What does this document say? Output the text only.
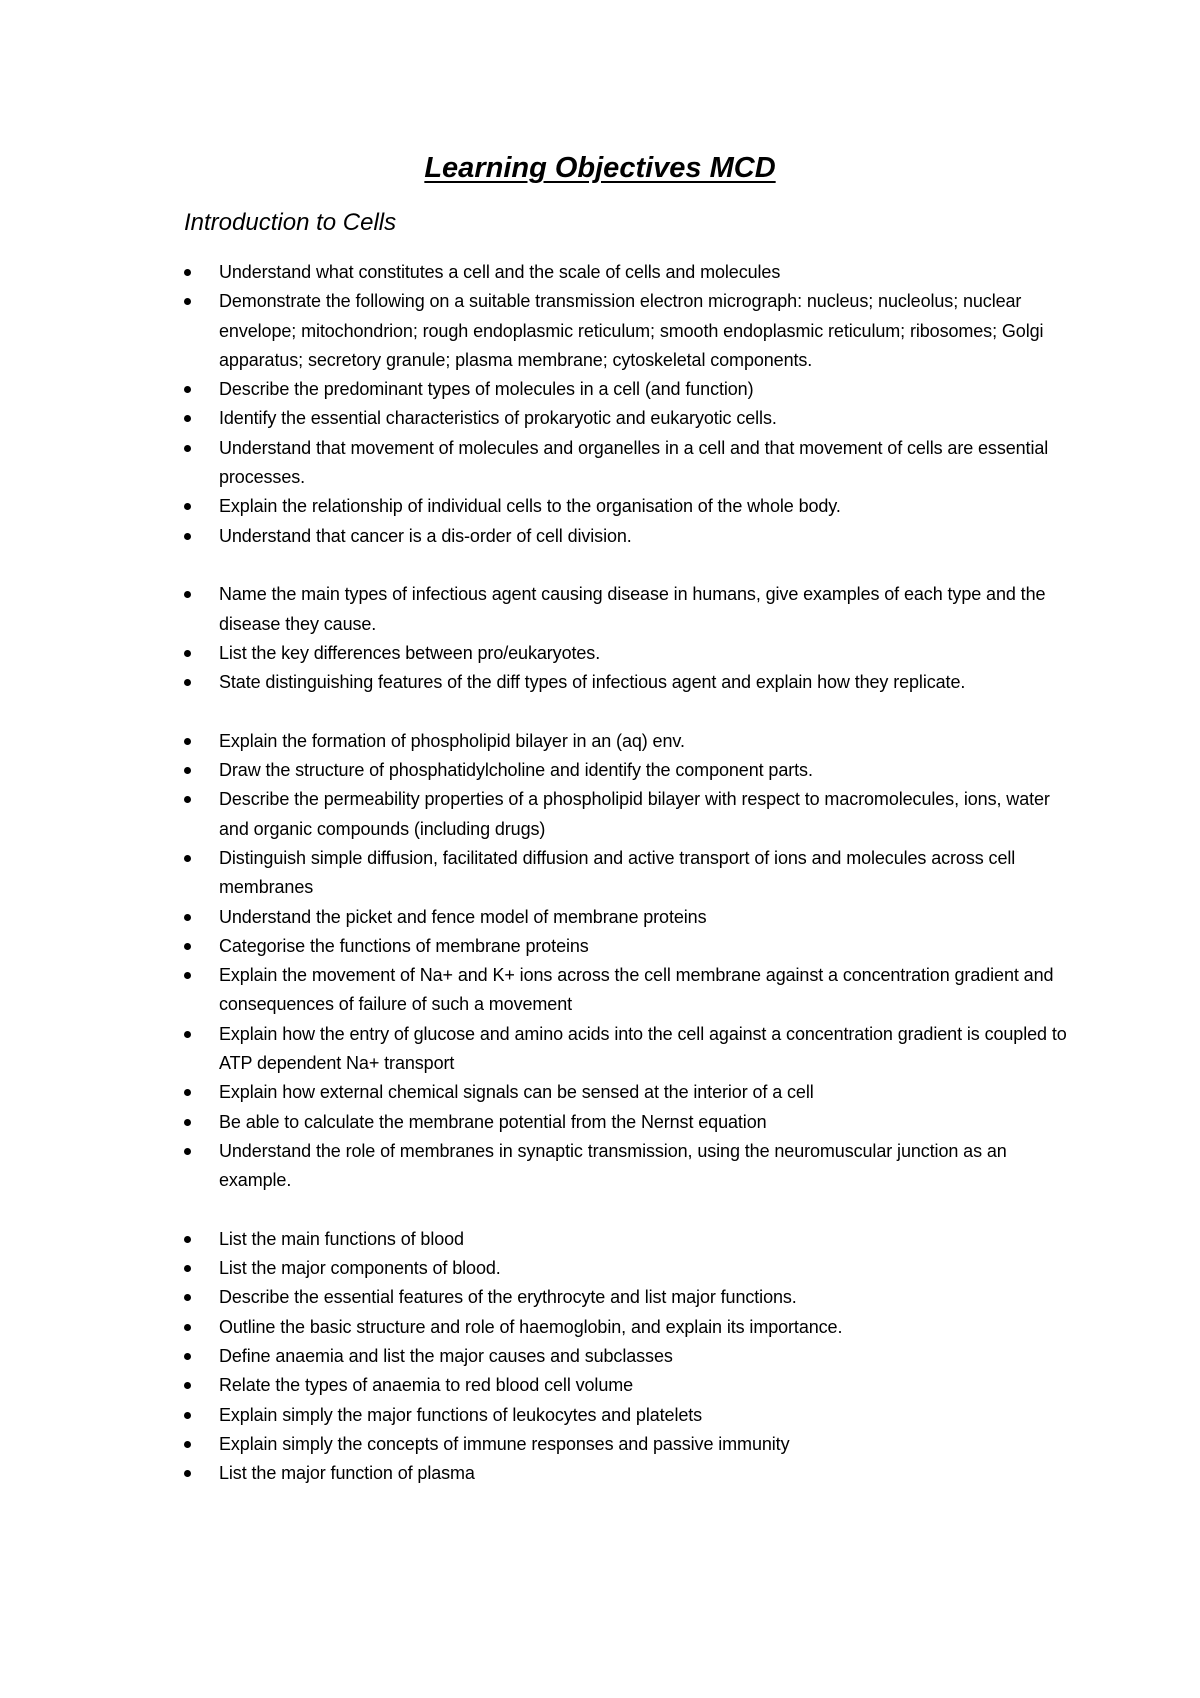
Learning Objectives MCD
Introduction to Cells
Understand what constitutes a cell and the scale of cells and molecules
Demonstrate the following on a suitable transmission electron micrograph: nucleus; nucleolus; nuclear envelope; mitochondrion; rough endoplasmic reticulum; smooth endoplasmic reticulum; ribosomes; Golgi apparatus; secretory granule; plasma membrane; cytoskeletal components.
Describe the predominant types of molecules in a cell (and function)
Identify the essential characteristics of prokaryotic and eukaryotic cells.
Understand that movement of molecules and organelles in a cell and that movement of cells are essential processes.
Explain the relationship of individual cells to the organisation of the whole body.
Understand that cancer is a dis-order of cell division.
Name the main types of infectious agent causing disease in humans, give examples of each type and the disease they cause.
List the key differences between pro/eukaryotes.
State distinguishing features of the diff types of infectious agent and explain how they replicate.
Explain the formation of phospholipid bilayer in an (aq) env.
Draw the structure of phosphatidylcholine and identify the component parts.
Describe the permeability properties of a phospholipid bilayer with respect to macromolecules, ions, water and organic compounds (including drugs)
Distinguish simple diffusion, facilitated diffusion and active transport of ions and molecules across cell membranes
Understand the picket and fence model of membrane proteins
Categorise the functions of membrane proteins
Explain the movement of Na+ and K+ ions across the cell membrane against a concentration gradient and consequences of failure of such a movement
Explain how the entry of glucose and amino acids into the cell against a concentration gradient is coupled to ATP dependent Na+ transport
Explain how external chemical signals can be sensed at the interior of a cell
Be able to calculate the membrane potential from the Nernst equation
Understand the role of membranes in synaptic transmission, using the neuromuscular junction as an example.
List the main functions of blood
List the major components of blood.
Describe the essential features of the erythrocyte and list major functions.
Outline the basic structure and role of haemoglobin, and explain its importance.
Define anaemia and list the major causes and subclasses
Relate the types of anaemia to red blood cell volume
Explain simply the major functions of leukocytes and platelets
Explain simply the concepts of immune responses and passive immunity
List the major function of plasma
